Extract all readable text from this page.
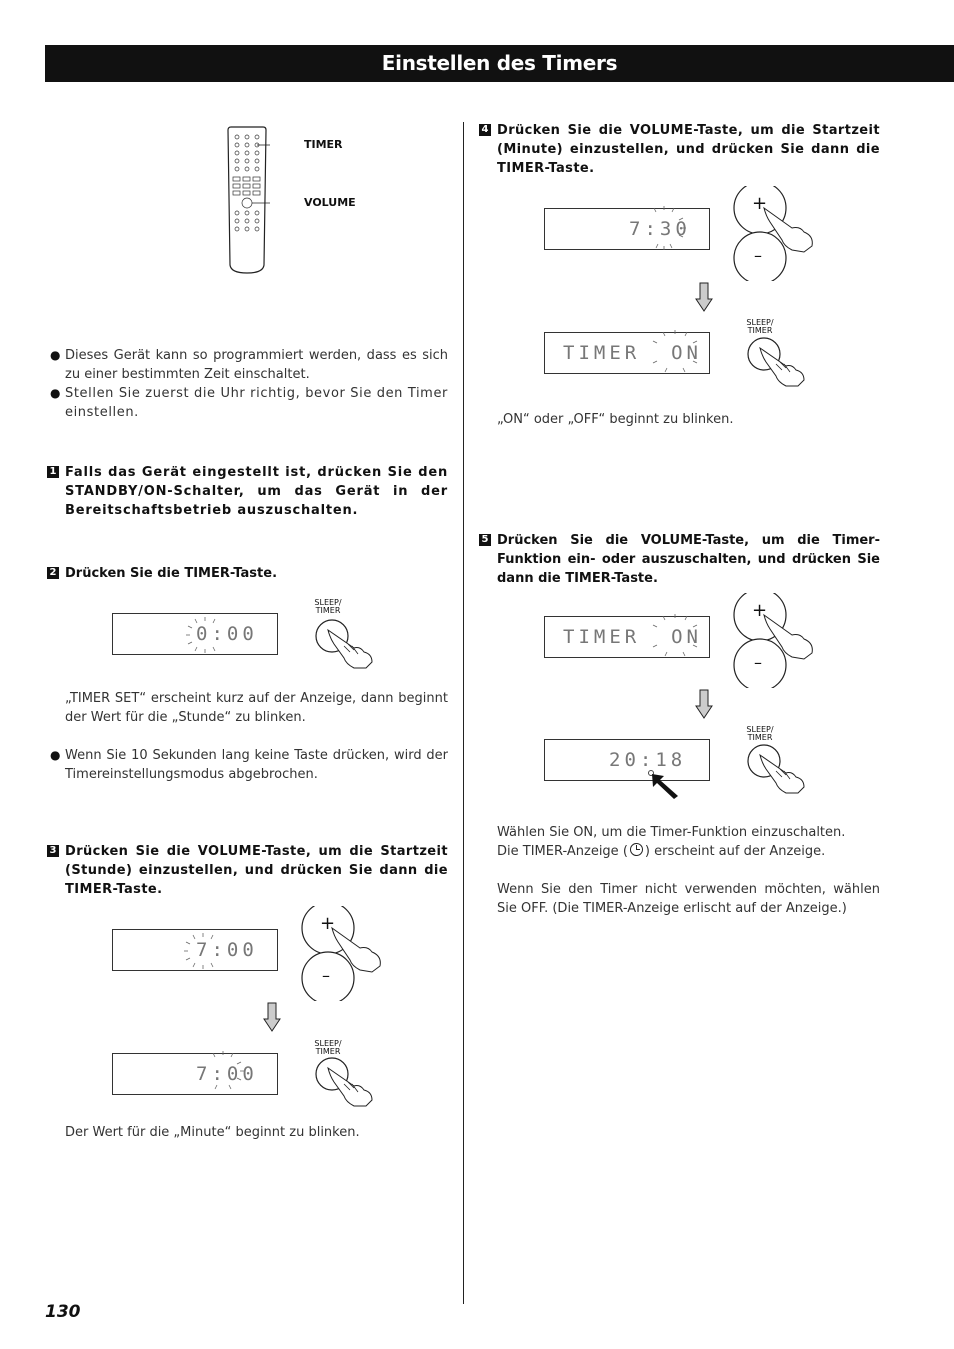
Einstellen des Timers
TIMER
VOLUME
● Dieses Gerät kann so programmiert werden, dass es sich zu einer bestimmten Zeit einschaltet.
● Stellen Sie zuerst die Uhr richtig, bevor Sie den Timer einstellen.
1 Falls das Gerät eingestellt ist, drücken Sie den STANDBY/ON-Schalter, um das Gerät in der Bereitschaftsbetrieb auszuschalten.
2 Drücken Sie die TIMER-Taste.
0:00
SLEEP/
TIMER
„TIMER SET“ erscheint kurz auf der Anzeige, dann beginnt der Wert für die „Stunde“ zu blinken.
● Wenn Sie 10 Sekunden lang keine Taste drücken, wird der Timereinstellungsmodus abgebrochen.
3 Drücken Sie die VOLUME-Taste, um die Startzeit (Stunde) einzustellen, und drücken Sie dann die TIMER-Taste.
7:00
+
–
7:00
SLEEP/
TIMER
Der Wert für die „Minute“ beginnt zu blinken.
130
4 Drücken Sie die VOLUME-Taste, um die Startzeit (Minute) einzustellen, und drücken Sie dann die TIMER-Taste.
7:30
+
–
TIMER  ON
SLEEP/
TIMER
„ON“ oder „OFF“ beginnt zu blinken.
5 Drücken Sie die VOLUME-Taste, um die Timer-Funktion ein- oder auszuschalten, und drücken Sie dann die TIMER-Taste.
TIMER  ON
+
–
20:18
SLEEP/
TIMER
Wählen Sie ON, um die Timer-Funktion einzuschalten.
Die TIMER-Anzeige ( ) erscheint auf der Anzeige.
Wenn Sie den Timer nicht verwenden möchten, wählen Sie OFF. (Die TIMER-Anzeige erlischt auf der Anzeige.)
